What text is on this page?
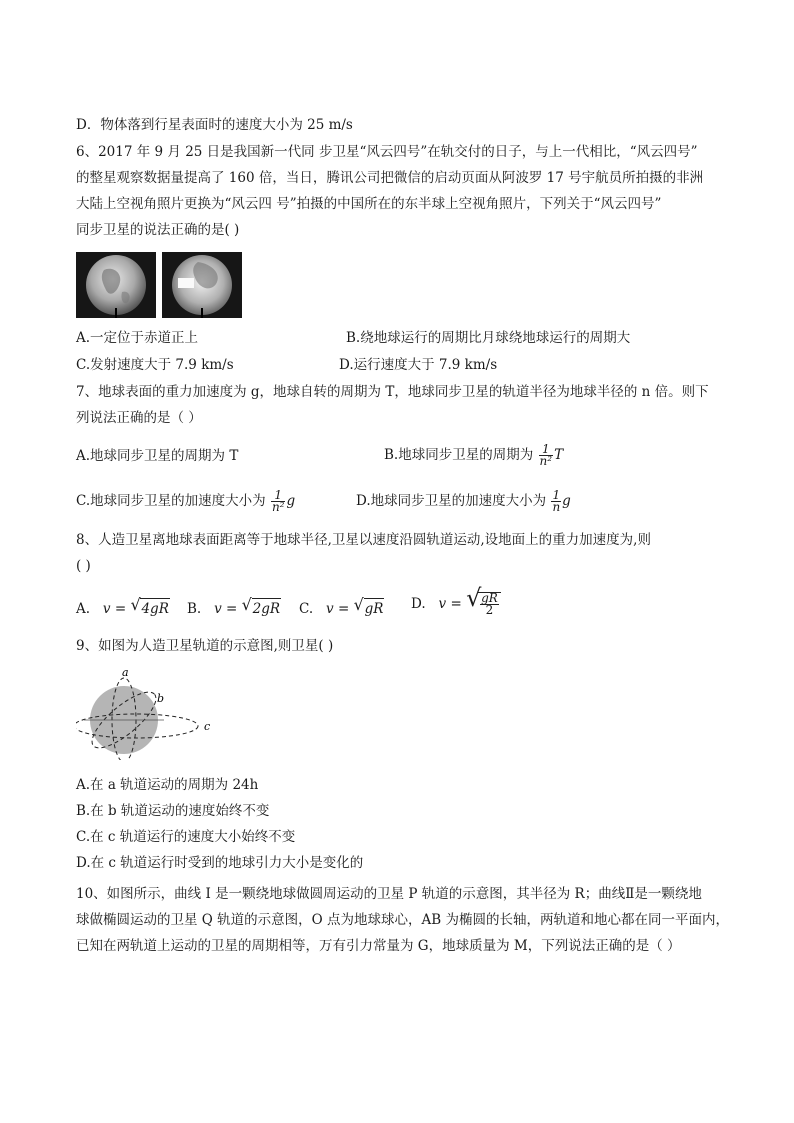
D．物体落到行星表面时的速度大小为 25 m/s
6、2017 年 9 月 25 日是我国新一代同 步卫星“风云四号”在轨交付的日子，与上一代相比，“风云四号”
的整星观察数据量提高了 160 倍，当日，腾讯公司把微信的启动页面从阿波罗 17 号宇航员所拍摄的非洲
大陆上空视角照片更换为“风云四 号”拍摄的中国所在的东半球上空视角照片，下列关于“风云四号”
同步卫星的说法正确的是( )
A.一定位于赤道正上	B.绕地球运行的周期比月球绕地球运行的周期大
C.发射速度大于 7.9 km/s	D.运行速度大于 7.9 km/s
7、地球表面的重力加速度为 g，地球自转的周期为 T，地球同步卫星的轨道半径为地球半径的 n 倍。则下
列说法正确的是（ ）
A.地球同步卫星的周期为 T	B.地球同步卫星的周期为 $\frac{1}{\text{n²}}$ T
C.地球同步卫星的加速度大小为 $\frac{1}{\text{n²}}$ g	D.地球同步卫星的加速度大小为 $\frac{1}{n}$ g
8、人造卫星离地球表面距离等于地球半径,卫星以速度沿圆轨道运动,设地面上的重力加速度为,则
( )
A.   v = √ 4gR B.   v = √ 2gR C.   v = √ gR D.   v = √
$\frac{gR}{2}$
9、如图为人造卫星轨道的示意图,则卫星( )
a
b
c
A.在 a 轨道运动的周期为 24h
B.在 b 轨道运动的速度始终不变
C.在 c 轨道运行的速度大小始终不变
D.在 c 轨道运行时受到的地球引力大小是变化的
10、如图所示，曲线 I 是一颗绕地球做圆周运动的卫星 P 轨道的示意图，其半径为 R；曲线Ⅱ是一颗绕地
球做椭圆运动的卫星 Q 轨道的示意图，O 点为地球球心，AB 为椭圆的长轴，两轨道和地心都在同一平面内，
已知在两轨道上运动的卫星的周期相等，万有引力常量为 G，地球质量为 M，下列说法正确的是（ ）
